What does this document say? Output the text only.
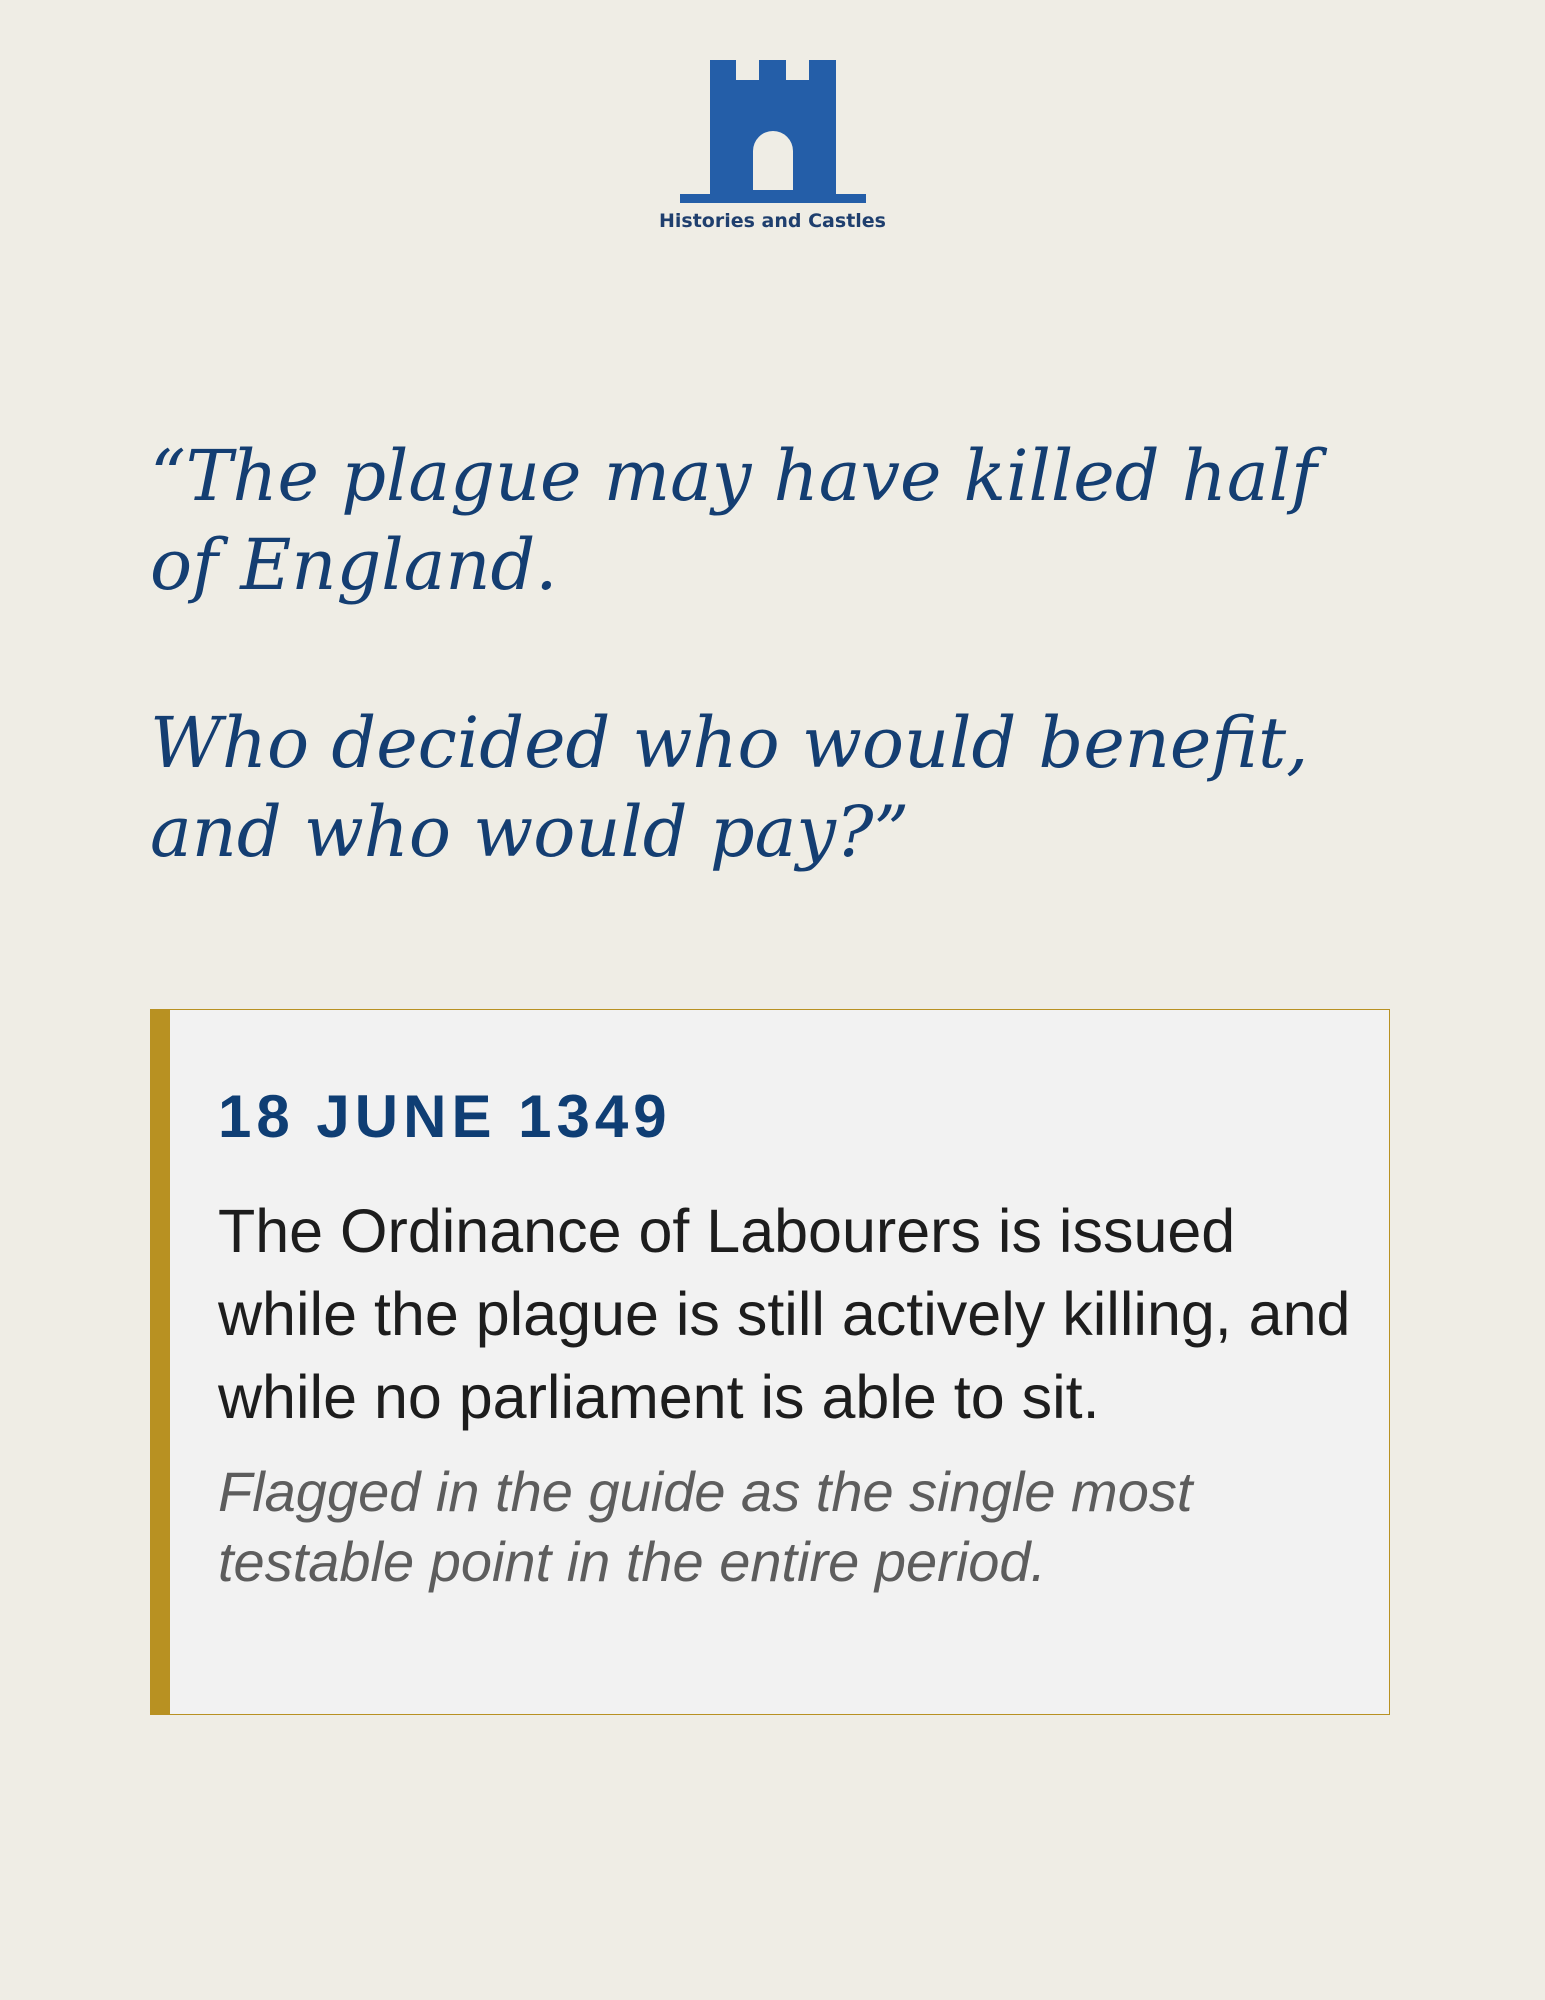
Histories and Castles

“The plague may have killed half of England.

Who decided who would benefit, and who would pay?”

18 JUNE 1349

The Ordinance of Labourers is issued while the plague is still actively killing, and while no parliament is able to sit.

Flagged in the guide as the single most testable point in the entire period.
